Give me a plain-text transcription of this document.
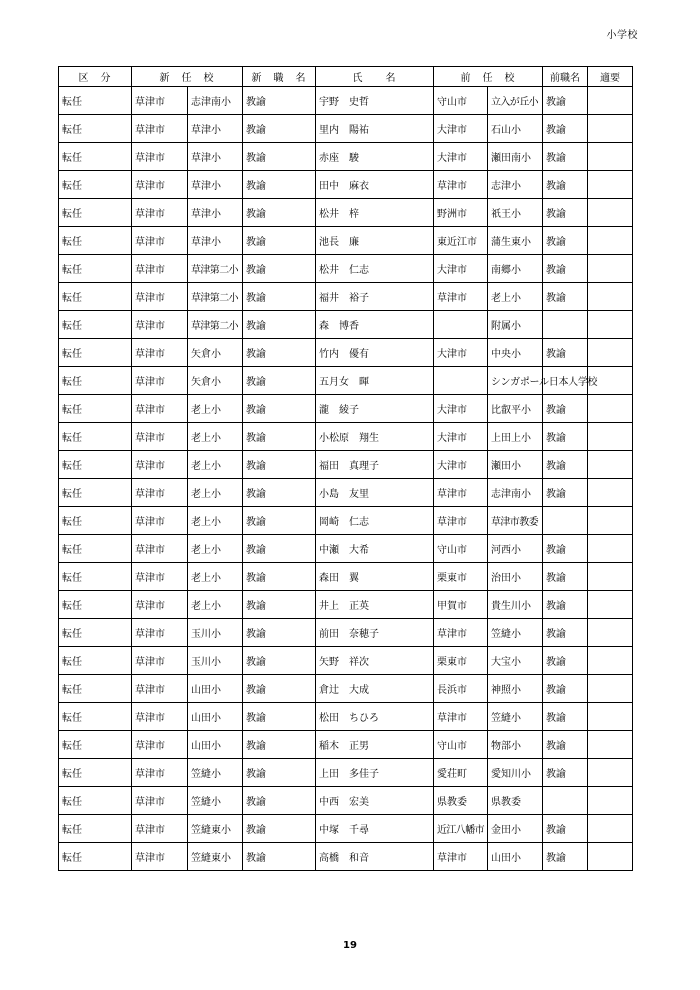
小学校
区　分	新　任　校		新　職　名	氏　　名	前　任　校		前職名	適要
転任	草津市	志津南小	教諭	宇野　史哲	守山市	立入が丘小	教諭	
転任	草津市	草津小	教諭	里内　陽祐	大津市	石山小	教諭	
転任	草津市	草津小	教諭	赤座　駿	大津市	瀬田南小	教諭	
転任	草津市	草津小	教諭	田中　麻衣	草津市	志津小	教諭	
転任	草津市	草津小	教諭	松井　梓	野洲市	祇王小	教諭	
転任	草津市	草津小	教諭	池長　廉	東近江市	蒲生東小	教諭	
転任	草津市	草津第二小	教諭	松井　仁志	大津市	南郷小	教諭	
転任	草津市	草津第二小	教諭	福井　裕子	草津市	老上小	教諭	
転任	草津市	草津第二小	教諭	森　博香		附属小		
転任	草津市	矢倉小	教諭	竹内　優有	大津市	中央小	教諭	
転任	草津市	矢倉小	教諭	五月女　暉		シンガポール日本人学校		
転任	草津市	老上小	教諭	瀧　綾子	大津市	比叡平小	教諭	
転任	草津市	老上小	教諭	小松原　翔生	大津市	上田上小	教諭	
転任	草津市	老上小	教諭	福田　真理子	大津市	瀬田小	教諭	
転任	草津市	老上小	教諭	小島　友里	草津市	志津南小	教諭	
転任	草津市	老上小	教諭	岡崎　仁志	草津市	草津市教委		
転任	草津市	老上小	教諭	中瀬　大希	守山市	河西小	教諭	
転任	草津市	老上小	教諭	森田　翼	栗東市	治田小	教諭	
転任	草津市	老上小	教諭	井上　正英	甲賀市	貴生川小	教諭	
転任	草津市	玉川小	教諭	前田　奈穂子	草津市	笠縫小	教諭	
転任	草津市	玉川小	教諭	矢野　祥次	栗東市	大宝小	教諭	
転任	草津市	山田小	教諭	倉辻　大成	長浜市	神照小	教諭	
転任	草津市	山田小	教諭	松田　ちひろ	草津市	笠縫小	教諭	
転任	草津市	山田小	教諭	稲木　正男	守山市	物部小	教諭	
転任	草津市	笠縫小	教諭	上田　多佳子	愛荘町	愛知川小	教諭	
転任	草津市	笠縫小	教諭	中西　宏美	県教委	県教委		
転任	草津市	笠縫東小	教諭	中塚　千尋	近江八幡市	金田小	教諭	
転任	草津市	笠縫東小	教諭	高橋　和音	草津市	山田小	教諭	
19
